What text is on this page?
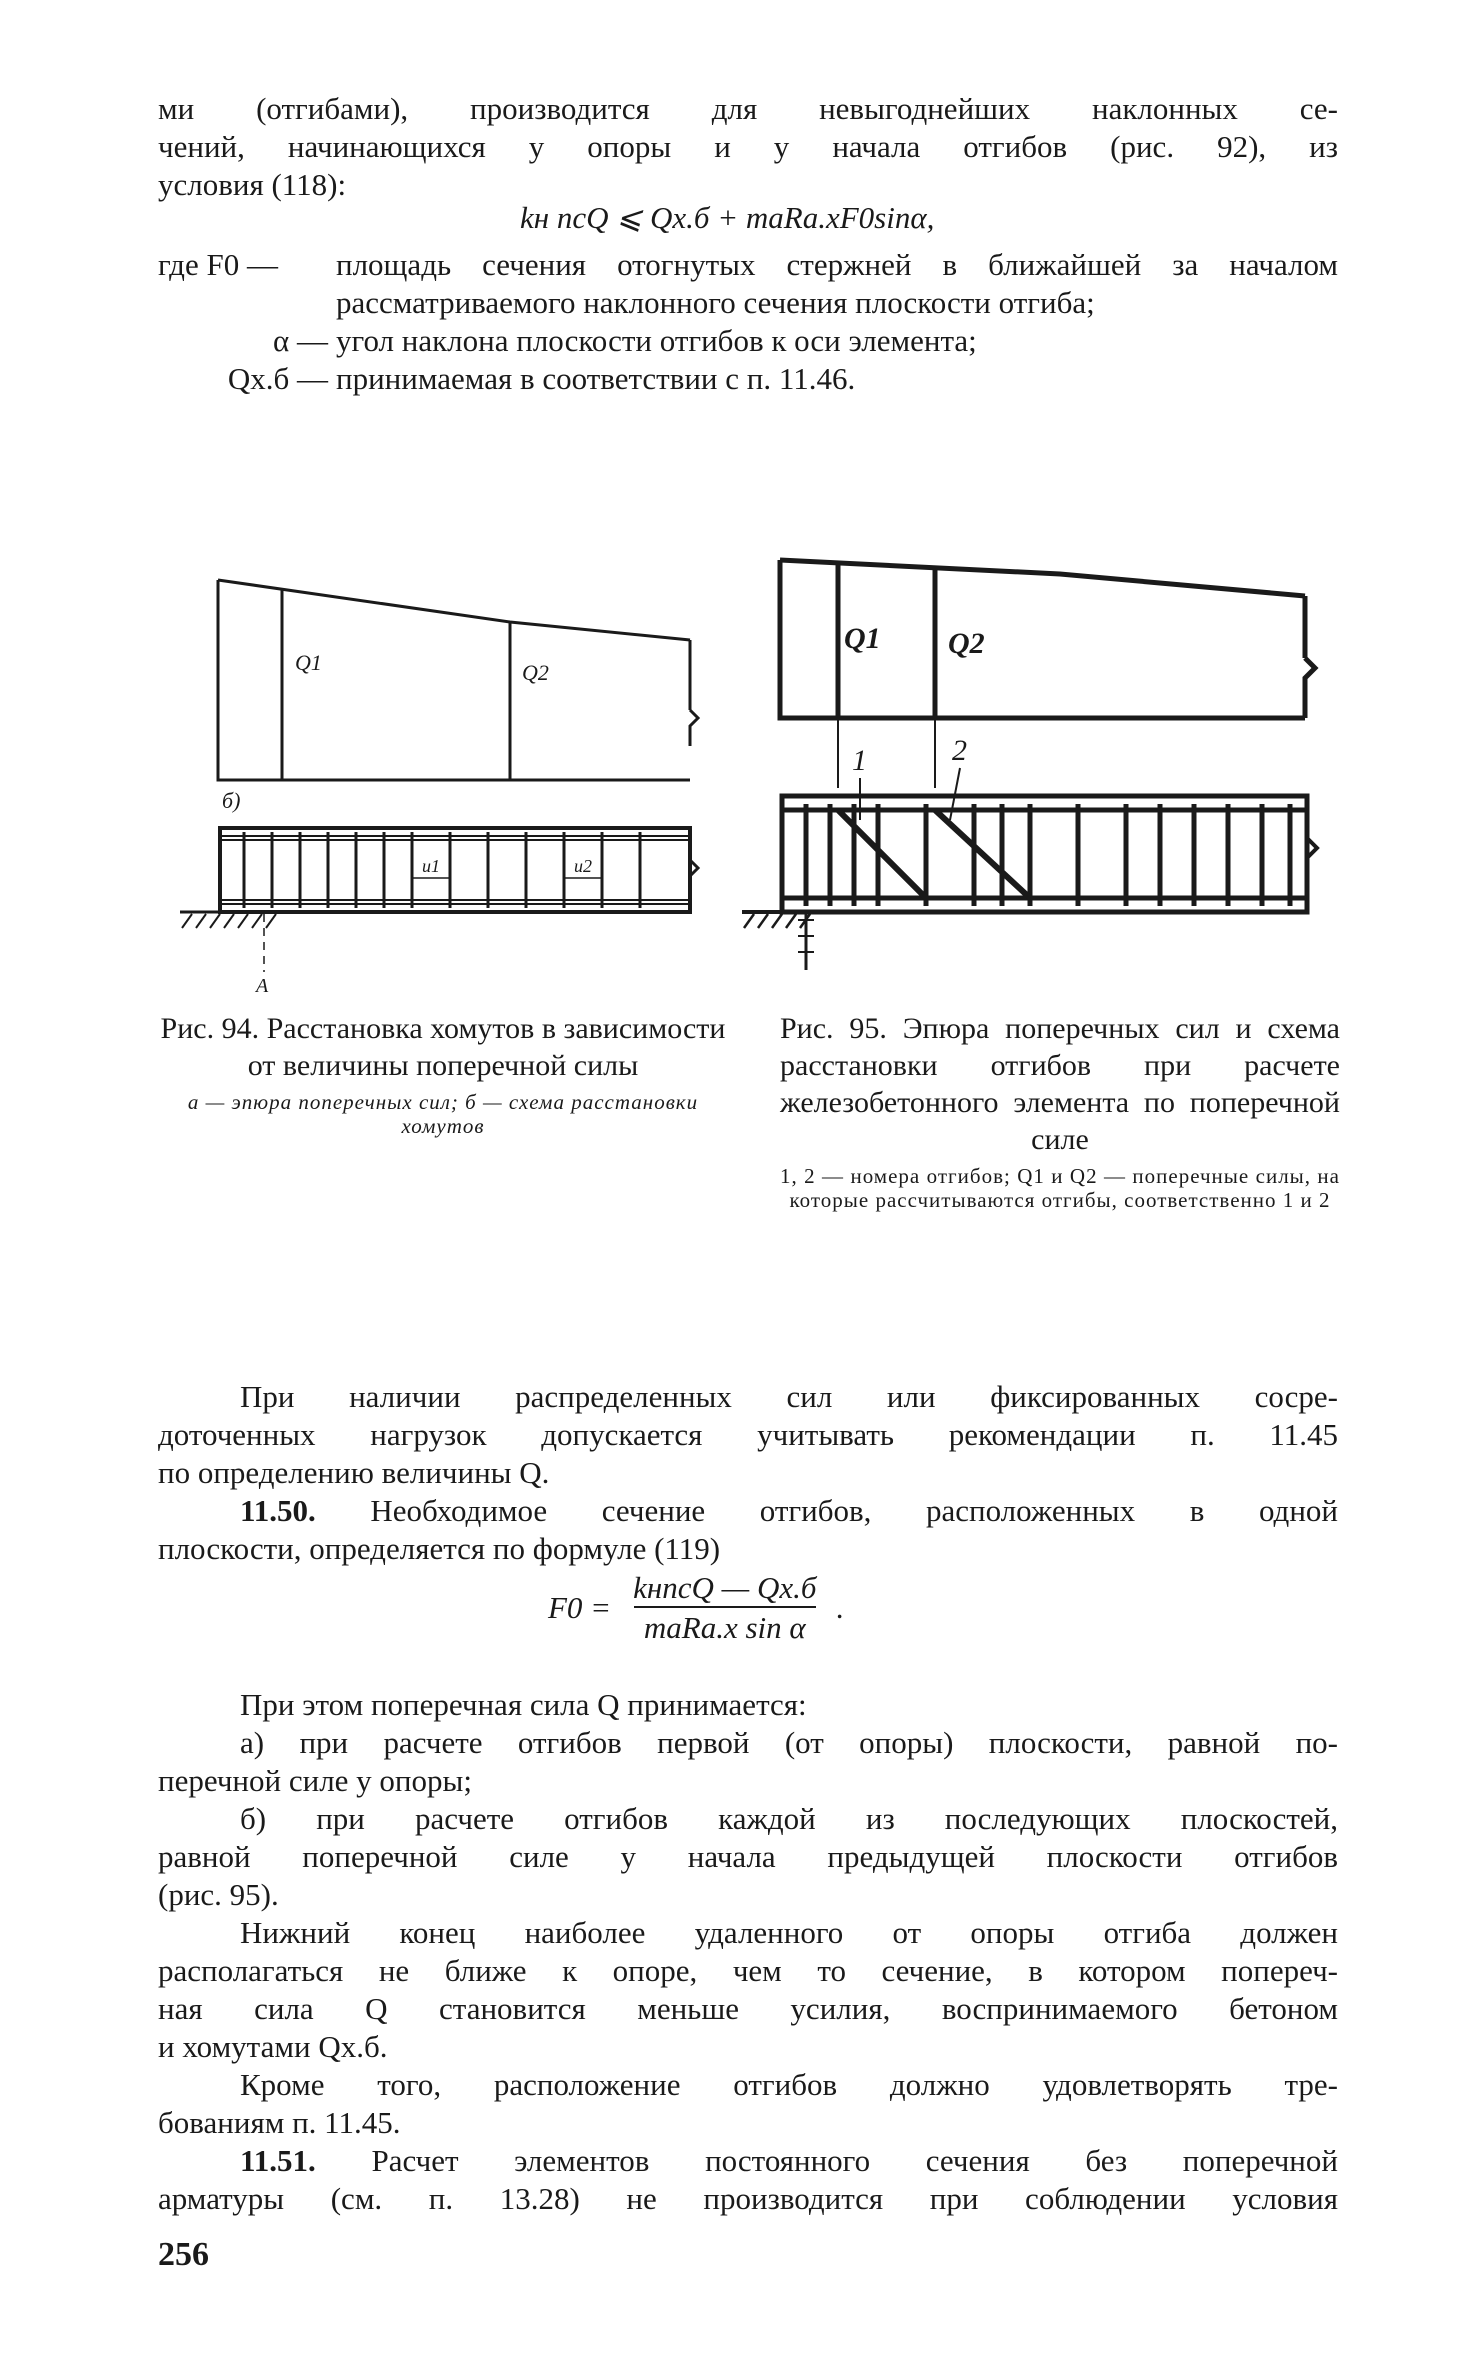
ми (отгибами), производится для невыгоднейших наклонных се-

чений, начинающихся у опоры и у начала отгибов (рис. 92), из

условия (118):

kн nсQ ⩽ Qх.б + maRa.хF0sinα,
где F0 —	площадь сечения отогнутых стержней в ближайшей за началом рассматриваемого наклонного сечения плоскости отгиба;
α — угол наклона плоскости отгибов к оси элемента;
Qх.б — принимаемая в соответствии с п. 11.46.
Q1	Q2
б)
u1	u2
А
Q1 Q2
1	2

Рис. 94. Расстановка хомутов в зависимости от величины поперечной силы

а — эпюра поперечных сил; б — схема расстановки хомутов

Рис. 95. Эпюра поперечных сил и схема расстановки отгибов при расчете железобетонного элемента по поперечной силе

1, 2 — номера отгибов; Q1 и Q2 — поперечные силы, на которые рассчитываются отгибы, соответственно 1 и 2

При наличии распределенных сил или фиксированных сосре-

доточенных нагрузок допускается учитывать рекомендации п. 11.45

по определению величины Q.

11.50. Необходимое сечение отгибов, расположенных в одной

плоскости, определяется по формуле (119)

F0 =
kнnсQ — Qх.б
maRa.х sin α
.

При этом поперечная сила Q принимается:

а) при расчете отгибов первой (от опоры) плоскости, равной по-

перечной силе у опоры;

б) при расчете отгибов каждой из последующих плоскостей,

равной поперечной силе у начала предыдущей плоскости отгибов

(рис. 95).

Нижний конец наиболее удаленного от опоры отгиба должен

располагаться не ближе к опоре, чем то сечение, в котором попереч-

ная сила Q становится меньше усилия, воспринимаемого бетоном

и хомутами Qх.б.

Кроме того, расположение отгибов должно удовлетворять тре-

бованиям п. 11.45.

11.51. Расчет элементов постоянного сечения без поперечной

арматуры (см. п. 13.28) не производится при соблюдении условия

256
